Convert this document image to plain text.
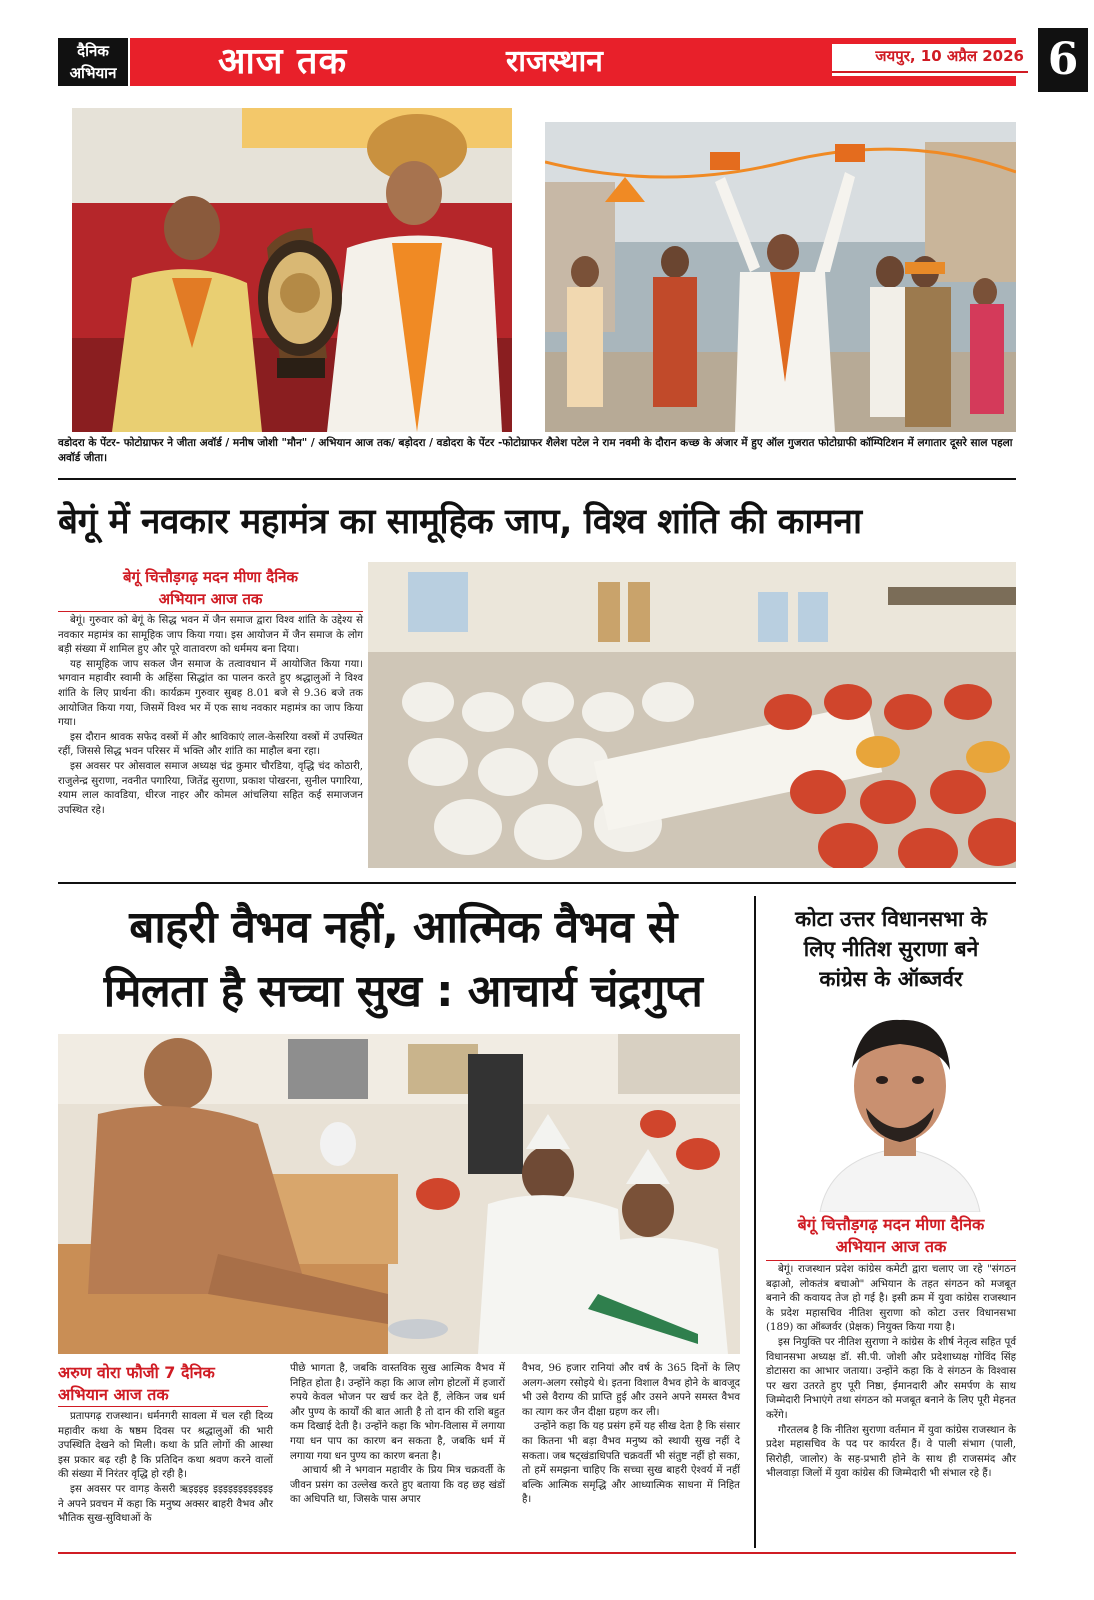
दैनिक
अभियान	आज तक	राजस्थान	जयपुर, 10 अप्रैल 2026 6
वडोदरा के पेंटर- फोटोग्राफर ने जीता अवॉर्ड / मनीष जोशी "मौन" / अभियान आज तक/ बड़ोदरा / वडोदरा के पेंटर -फोटोग्राफर शैलेश पटेल ने राम नवमी के दौरान कच्छ के अंजार में हुए ऑल गुजरात फोटोग्राफी कॉम्पिटिशन में लगातार दूसरे साल पहला अवॉर्ड जीता।
बेगूं में नवकार महामंत्र का सामूहिक जाप, विश्व शांति की कामना
बेगूं चित्तौड़गढ़ मदन मीणा दैनिक
अभियान आज तक

बेगूं। गुरुवार को बेगूं के सिद्ध भवन में जैन समाज द्वारा विश्व शांति के उद्देश्य से नवकार महामंत्र का सामूहिक जाप किया गया। इस आयोजन में जैन समाज के लोग बड़ी संख्या में शामिल हुए और पूरे वातावरण को धर्ममय बना दिया।

यह सामूहिक जाप सकल जैन समाज के तत्वावधान में आयोजित किया गया। भगवान महावीर स्वामी के अहिंसा सिद्धांत का पालन करते हुए श्रद्धालुओं ने विश्व शांति के लिए प्रार्थना की। कार्यक्रम गुरुवार सुबह 8.01 बजे से 9.36 बजे तक आयोजित किया गया, जिसमें विश्व भर में एक साथ नवकार महामंत्र का जाप किया गया।

इस दौरान श्रावक सफेद वस्त्रों में और श्राविकाएं लाल-केसरिया वस्त्रों में उपस्थित रहीं, जिससे सिद्ध भवन परिसर में भक्ति और शांति का माहौल बना रहा।

इस अवसर पर ओसवाल समाज अध्यक्ष चंद्र कुमार चौरडिया, वृद्धि चंद कोठारी, राजुलेन्द्र सुराणा, नवनीत पगारिया, जितेंद्र सुराणा, प्रकाश पोखरना, सुनील पगारिया, श्याम लाल कावडिया, धीरज नाहर और कोमल आंचलिया सहित कई समाजजन उपस्थित रहे।

बाहरी वैभव नहीं, आत्मिक वैभव से
मिलता है सच्चा सुख : आचार्य चंद्रगुप्त
अरुण वोरा फौजी 7 दैनिक
अभियान आज तक

प्रतापगढ़ राजस्थान। धर्मनगरी सावला में चल रही दिव्य महावीर कथा के षष्ठम दिवस पर श्रद्धालुओं की भारी उपस्थिति देखने को मिली। कथा के प्रति लोगों की आस्था इस प्रकार बढ़ रही है कि प्रतिदिन कथा श्रवण करने वालों की संख्या में निरंतर वृद्धि हो रही है।

इस अवसर पर वागड़ केसरी ऋइइइइ इइइइइइइइइइइइ ने अपने प्रवचन में कहा कि मनुष्य अक्सर बाहरी वैभव और भौतिक सुख-सुविधाओं के

पीछे भागता है, जबकि वास्तविक सुख आत्मिक वैभव में निहित होता है। उन्होंने कहा कि आज लोग होटलों में हजारों रुपये केवल भोजन पर खर्च कर देते हैं, लेकिन जब धर्म और पुण्य के कार्यों की बात आती है तो दान की राशि बहुत कम दिखाई देती है। उन्होंने कहा कि भोग-विलास में लगाया गया धन पाप का कारण बन सकता है, जबकि धर्म में लगाया गया धन पुण्य का कारण बनता है।

आचार्य श्री ने भगवान महावीर के प्रिय मित्र चक्रवर्ती के जीवन प्रसंग का उल्लेख करते हुए बताया कि वह छह खंडों का अधिपति था, जिसके पास अपार

वैभव, 96 हजार रानियां और वर्ष के 365 दिनों के लिए अलग-अलग रसोइये थे। इतना विशाल वैभव होने के बावजूद भी उसे वैराग्य की प्राप्ति हुई और उसने अपने समस्त वैभव का त्याग कर जैन दीक्षा ग्रहण कर ली।

उन्होंने कहा कि यह प्रसंग हमें यह सीख देता है कि संसार का कितना भी बड़ा वैभव मनुष्य को स्थायी सुख नहीं दे सकता। जब षट्खंडाधिपति चक्रवर्ती भी संतुष्ट नहीं हो सका, तो हमें समझना चाहिए कि सच्चा सुख बाहरी ऐश्वर्य में नहीं बल्कि आत्मिक समृद्धि और आध्यात्मिक साधना में निहित है।

कोटा उत्तर विधानसभा के
लिए नीतिश सुराणा बने
कांग्रेस के ऑब्जर्वर
बेगूं चित्तौड़गढ़ मदन मीणा दैनिक
अभियान आज तक

बेगूं। राजस्थान प्रदेश कांग्रेस कमेटी द्वारा चलाए जा रहे "संगठन बढ़ाओ, लोकतंत्र बचाओ" अभियान के तहत संगठन को मजबूत बनाने की कवायद तेज हो गई है। इसी क्रम में युवा कांग्रेस राजस्थान के प्रदेश महासचिव नीतिश सुराणा को कोटा उत्तर विधानसभा (189) का ऑब्जर्वर (प्रेक्षक) नियुक्त किया गया है।

इस नियुक्ति पर नीतिश सुराणा ने कांग्रेस के शीर्ष नेतृत्व सहित पूर्व विधानसभा अध्यक्ष डॉ. सी.पी. जोशी और प्रदेशाध्यक्ष गोविंद सिंह डोटासरा का आभार जताया। उन्होंने कहा कि वे संगठन के विश्वास पर खरा उतरते हुए पूरी निष्ठा, ईमानदारी और समर्पण के साथ जिम्मेदारी निभाएंगे तथा संगठन को मजबूत बनाने के लिए पूरी मेहनत करेंगे।

गौरतलब है कि नीतिश सुराणा वर्तमान में युवा कांग्रेस राजस्थान के प्रदेश महासचिव के पद पर कार्यरत हैं। वे पाली संभाग (पाली, सिरोही, जालोर) के सह-प्रभारी होने के साथ ही राजसमंद और भीलवाड़ा जिलों में युवा कांग्रेस की जिम्मेदारी भी संभाल रहे हैं।
